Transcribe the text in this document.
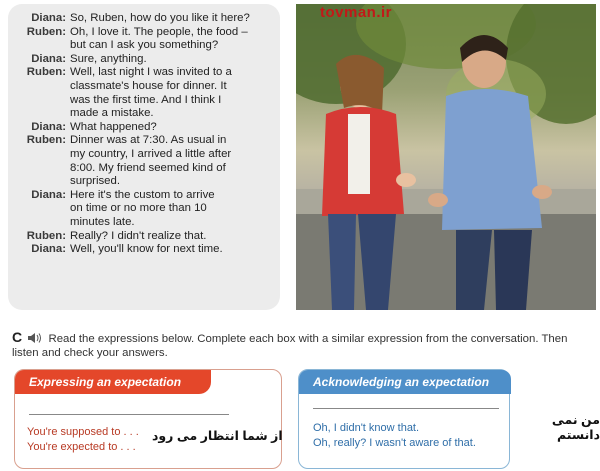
Diana: So, Ruben, how do you like it here?
Ruben: Oh, I love it. The people, the food –
but can I ask you something?
Diana: Sure, anything.
Ruben: Well, last night I was invited to a
classmate's house for dinner. It
was the first time. And I think I
made a mistake.
Diana: What happened?
Ruben: Dinner was at 7:30. As usual in
my country, I arrived a little after
8:00. My friend seemed kind of
surprised.
Diana: Here it's the custom to arrive
on time or no more than 10
minutes late.
Ruben: Really? I didn't realize that.
Diana: Well, you'll know for next time.
tovman.ir
C Read the expressions below. Complete each box with a similar expression from the conversation. Then listen and check your answers.
Expressing an expectation
You're supposed to . . .
You're expected to . . .
Acknowledging an expectation
Oh, I didn't know that.
Oh, really? I wasn't aware of that.
از شما انتظار می رود
من نمی دانستم
